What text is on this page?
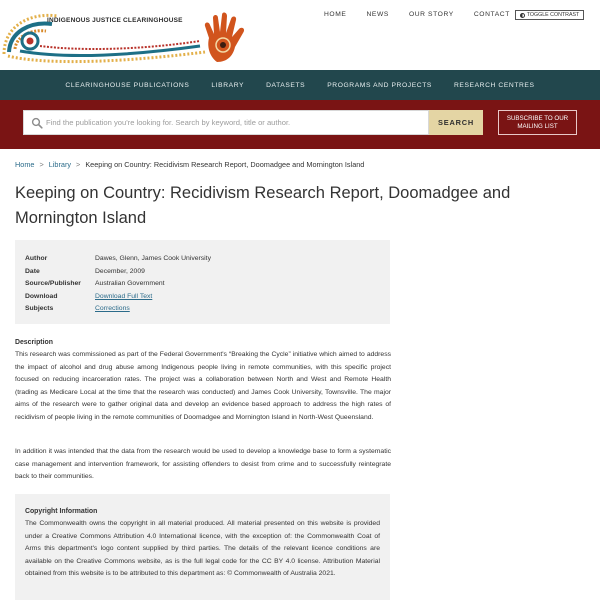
INDIGENOUS JUSTICE CLEARINGHOUSE
HOME	NEWS	OUR STORY	CONTACT	TOGGLE CONTRAST
CLEARINGHOUSE PUBLICATIONS	LIBRARY	DATASETS	PROGRAMS AND PROJECTS	RESEARCH CENTRES
Find the publication you're looking for. Search by keyword, title or author.
SEARCH	SUBSCRIBE TO OUR MAILING LIST
Home > Library > Keeping on Country: Recidivism Research Report, Doomadgee and Mornington Island
Keeping on Country: Recidivism Research Report, Doomadgee and Mornington Island
Author	Dawes, Glenn, James Cook University
Date	December, 2009
Source/Publisher	Australian Government
Download	Download Full Text
Subjects	Corrections
Description

This research was commissioned as part of the Federal Government's “Breaking the Cycle” initiative which aimed to address the impact of alcohol and drug abuse among Indigenous people living in remote communities, with this specific project focused on reducing incarceration rates. The project was a collaboration between North and West and Remote Health (trading as Medicare Local at the time that the research was conducted) and James Cook University, Townsville. The major aims of the research were to gather original data and develop an evidence based approach to address the high rates of recidivism of people living in the remote communities of Doomadgee and Mornington Island in North-West Queensland.

In addition it was intended that the data from the research would be used to develop a knowledge base to form a systematic case management and intervention framework, for assisting offenders to desist from crime and to successfully reintegrate back to their communities.

Copyright Information

The Commonwealth owns the copyright in all material produced. All material presented on this website is provided under a Creative Commons Attribution 4.0 International licence, with the exception of: the Commonwealth Coat of Arms this department's logo content supplied by third parties. The details of the relevant licence conditions are available on the Creative Commons website, as is the full legal code for the CC BY 4.0 license. Attribution Material obtained from this website is to be attributed to this department as: © Commonwealth of Australia 2021.
